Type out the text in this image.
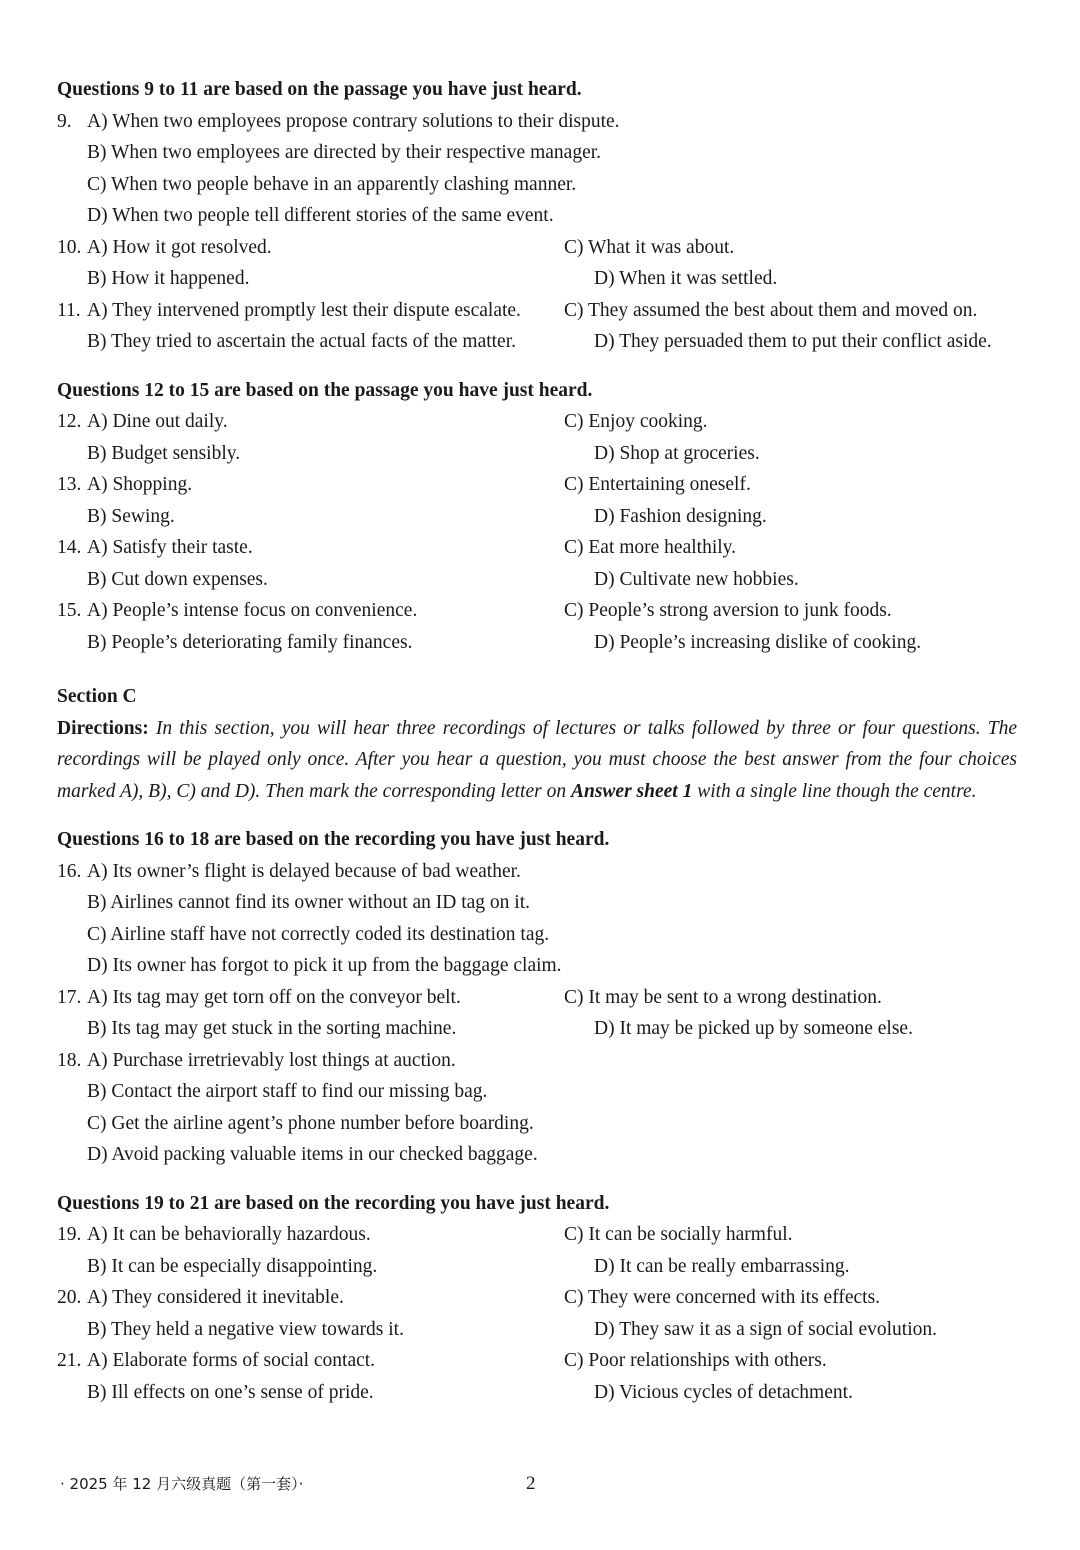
Questions 9 to 11 are based on the passage you have just heard.
9. A) When two employees propose contrary solutions to their dispute.
B) When two employees are directed by their respective manager.
C) When two people behave in an apparently clashing manner.
D) When two people tell different stories of the same event.
10. A) How it got resolved.	C) What it was about.
B) How it happened.	D) When it was settled.
11. A) They intervened promptly lest their dispute escalate.	C) They assumed the best about them and moved on.
B) They tried to ascertain the actual facts of the matter.	D) They persuaded them to put their conflict aside.
Questions 12 to 15 are based on the passage you have just heard.
12. A) Dine out daily.	C) Enjoy cooking.
B) Budget sensibly.	D) Shop at groceries.
13. A) Shopping.	C) Entertaining oneself.
B) Sewing.	D) Fashion designing.
14. A) Satisfy their taste.	C) Eat more healthily.
B) Cut down expenses.	D) Cultivate new hobbies.
15. A) People’s intense focus on convenience.	C) People’s strong aversion to junk foods.
B) People’s deteriorating family finances.	D) People’s increasing dislike of cooking.
Section C
Directions: In this section, you will hear three recordings of lectures or talks followed by three or four questions. The recordings will be played only once. After you hear a question, you must choose the best answer from the four choices marked A), B), C) and D). Then mark the corresponding letter on Answer sheet 1 with a single line though the centre.
Questions 16 to 18 are based on the recording you have just heard.
16. A) Its owner’s flight is delayed because of bad weather.
B) Airlines cannot find its owner without an ID tag on it.
C) Airline staff have not correctly coded its destination tag.
D) Its owner has forgot to pick it up from the baggage claim.
17. A) Its tag may get torn off on the conveyor belt.	C) It may be sent to a wrong destination.
B) Its tag may get stuck in the sorting machine.	D) It may be picked up by someone else.
18. A) Purchase irretrievably lost things at auction.
B) Contact the airport staff to find our missing bag.
C) Get the airline agent’s phone number before boarding.
D) Avoid packing valuable items in our checked baggage.
Questions 19 to 21 are based on the recording you have just heard.
19. A) It can be behaviorally hazardous.	C) It can be socially harmful.
B) It can be especially disappointing.	D) It can be really embarrassing.
20. A) They considered it inevitable.	C) They were concerned with its effects.
B) They held a negative view towards it.	D) They saw it as a sign of social evolution.
21. A) Elaborate forms of social contact.	C) Poor relationships with others.
B) Ill effects on one’s sense of pride.	D) Vicious cycles of detachment.
· 2025 年 12 月六级真题（第一套）·	2
